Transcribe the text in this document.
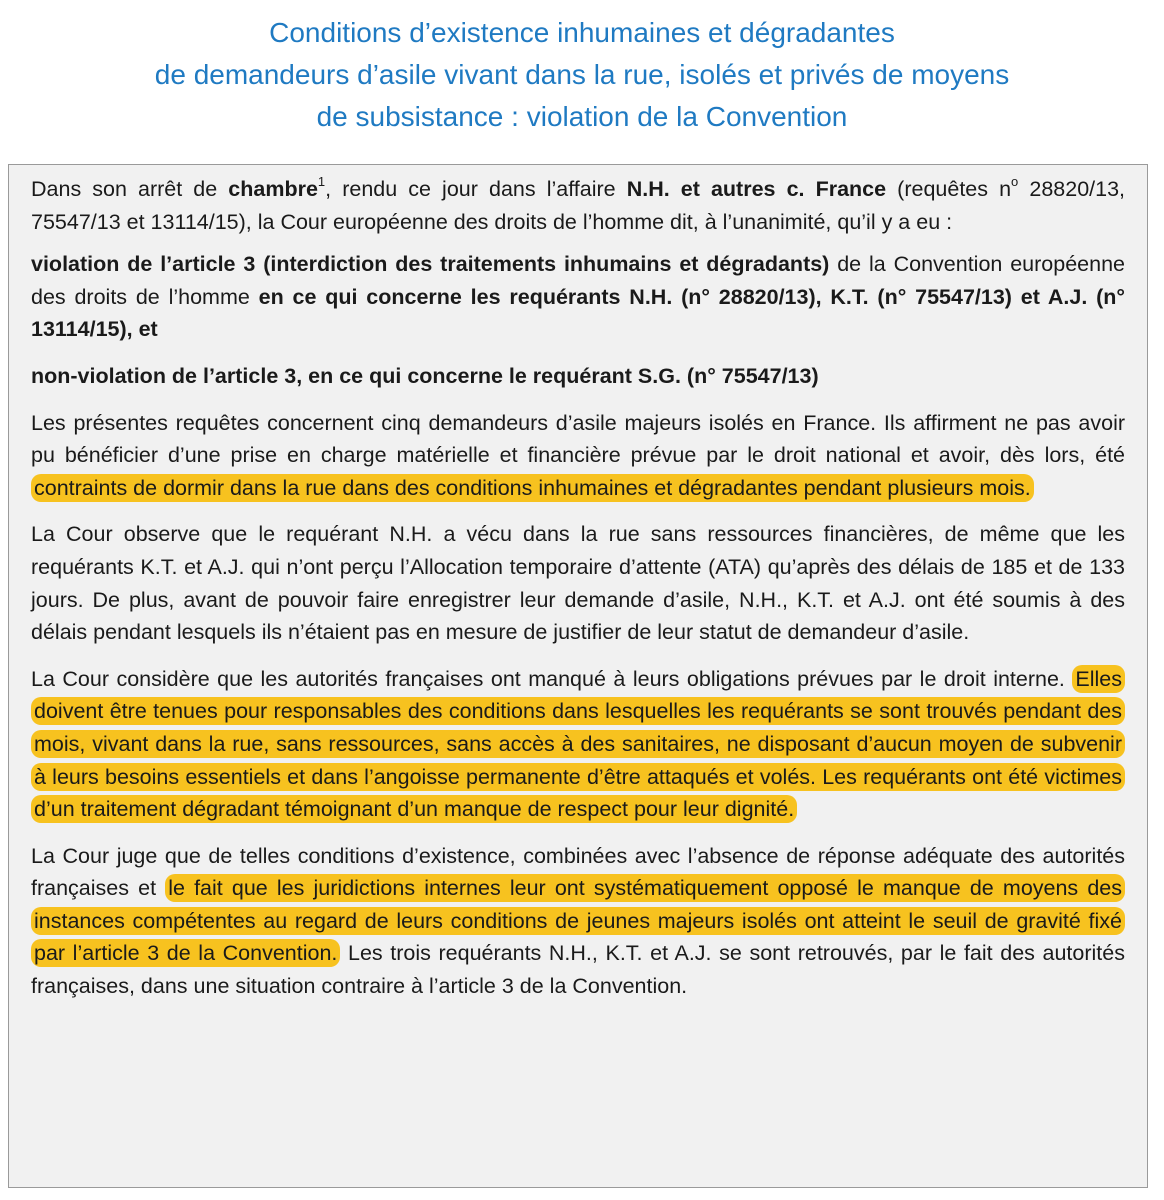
Conditions d’existence inhumaines et dégradantes
de demandeurs d’asile vivant dans la rue, isolés et privés de moyens
de subsistance : violation de la Convention

Dans son arrêt de chambre$^1$, rendu ce jour dans l’affaire N.H. et autres c. France (requêtes $n^o$ 28820/13, 75547/13 et 13114/15), la Cour européenne des droits de l’homme dit, à l’unanimité, qu’il y a eu :

violation de l’article 3 (interdiction des traitements inhumains et dégradants) de la Convention européenne des droits de l’homme en ce qui concerne les requérants N.H. (n° 28820/13), K.T. (n° 75547/13) et A.J. (n° 13114/15), et

non-violation de l’article 3, en ce qui concerne le requérant S.G. (n° 75547/13)

Les présentes requêtes concernent cinq demandeurs d’asile majeurs isolés en France. Ils affirment ne pas avoir pu bénéficier d’une prise en charge matérielle et financière prévue par le droit national et avoir, dès lors, été contraints de dormir dans la rue dans des conditions inhumaines et dégradantes pendant plusieurs mois.

La Cour observe que le requérant N.H. a vécu dans la rue sans ressources financières, de même que les requérants K.T. et A.J. qui n’ont perçu l’Allocation temporaire d’attente (ATA) qu’après des délais de 185 et de 133 jours. De plus, avant de pouvoir faire enregistrer leur demande d’asile, N.H., K.T. et A.J. ont été soumis à des délais pendant lesquels ils n’étaient pas en mesure de justifier de leur statut de demandeur d’asile.

La Cour considère que les autorités françaises ont manqué à leurs obligations prévues par le droit interne. Elles doivent être tenues pour responsables des conditions dans lesquelles les requérants se sont trouvés pendant des mois, vivant dans la rue, sans ressources, sans accès à des sanitaires, ne disposant d’aucun moyen de subvenir à leurs besoins essentiels et dans l’angoisse permanente d’être attaqués et volés. Les requérants ont été victimes d’un traitement dégradant témoignant d’un manque de respect pour leur dignité.

La Cour juge que de telles conditions d’existence, combinées avec l’absence de réponse adéquate des autorités françaises et le fait que les juridictions internes leur ont systématiquement opposé le manque de moyens des instances compétentes au regard de leurs conditions de jeunes majeurs isolés ont atteint le seuil de gravité fixé par l’article 3 de la Convention. Les trois requérants N.H., K.T. et A.J. se sont retrouvés, par le fait des autorités françaises, dans une situation contraire à l’article 3 de la Convention.
